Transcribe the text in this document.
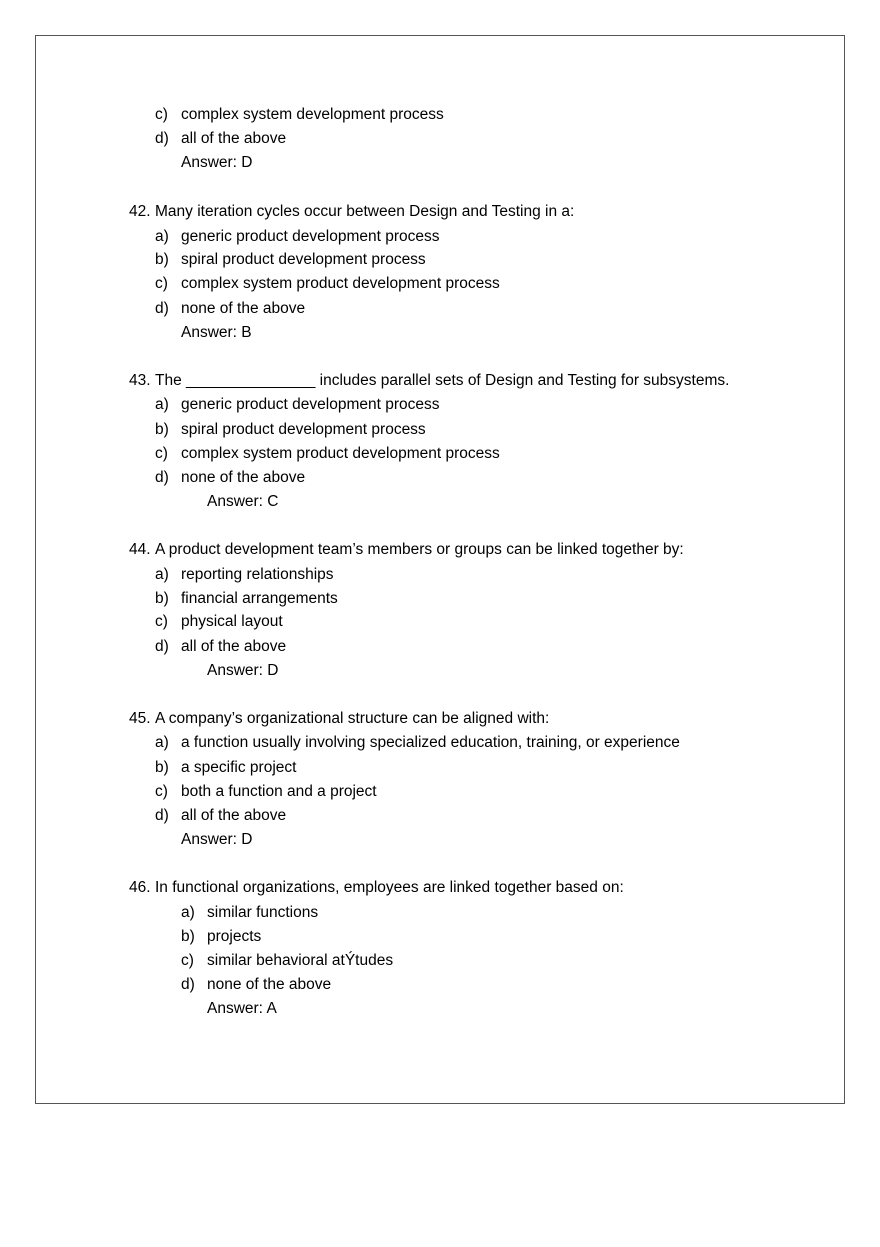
c) complex system development process
d) all of the above
Answer: D
42. Many iteration cycles occur between Design and Testing in a:
a) generic product development process
b) spiral product development process
c) complex system product development process
d) none of the above
Answer: B
43. The _______________ includes parallel sets of Design and Testing for subsystems.
a) generic product development process
b) spiral product development process
c) complex system product development process
d) none of the above
Answer: C
44. A product development team’s members or groups can be linked together by:
a) reporting relationships
b) financial arrangements
c) physical layout
d) all of the above
Answer: D
45. A company’s organizational structure can be aligned with:
a) a function usually involving specialized education, training, or experience
b) a specific project
c) both a function and a project
d) all of the above
Answer: D
46. In functional organizations, employees are linked together based on:
a) similar functions
b) projects
c) similar behavioral atÝtudes
d) none of the above
Answer: A
